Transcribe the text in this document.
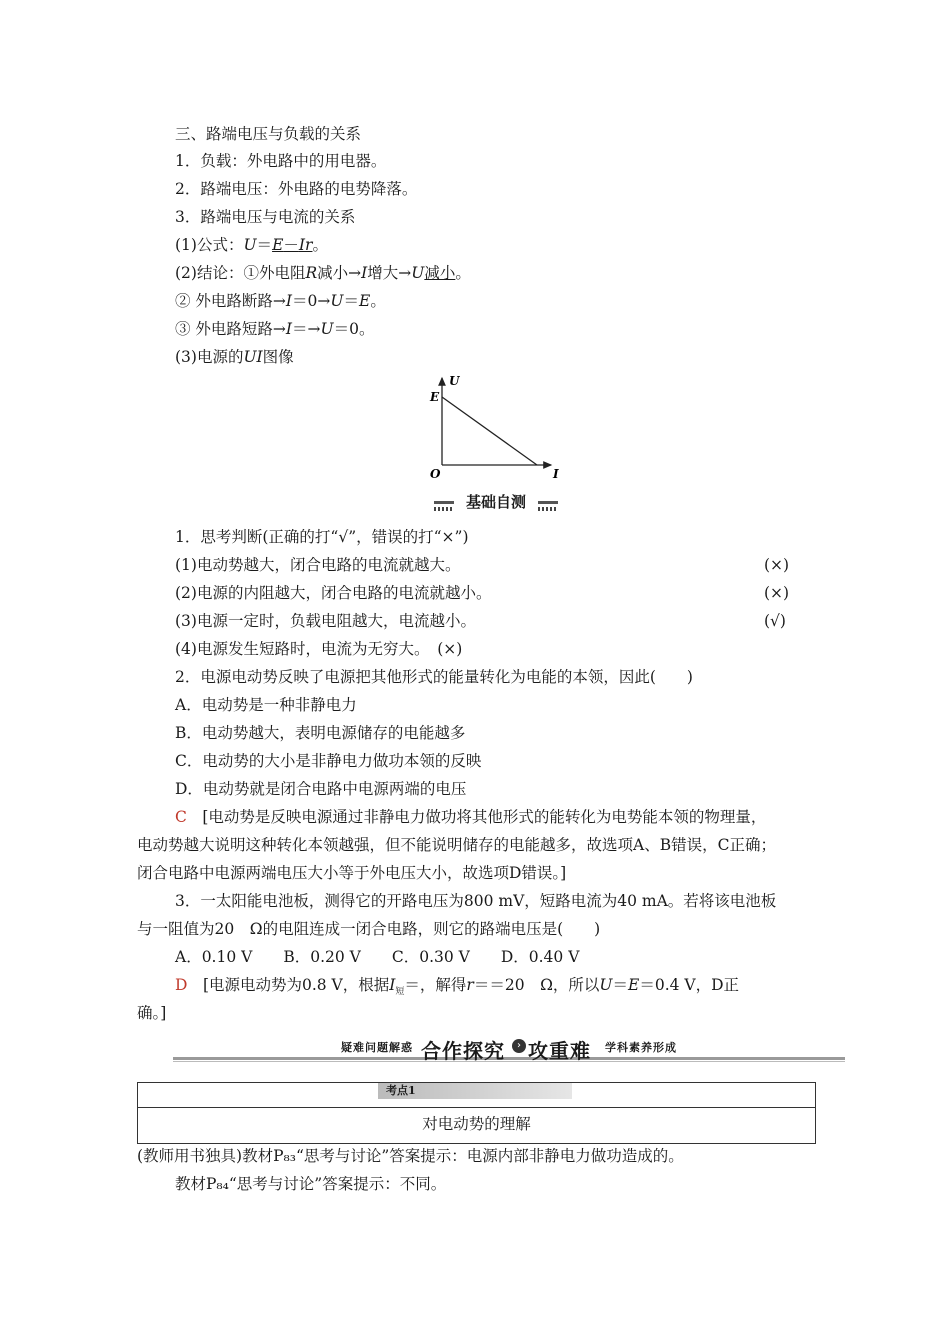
三、路端电压与负载的关系
1．负载：外电路中的用电器。
2．路端电压：外电路的电势降落。
3．路端电压与电流的关系
(1)公式：U＝E－Ir。
(2)结论：①外电阻R减小→I增大→U减小。
② 外电路断路→I＝0→U＝E。
③ 外电路短路→I＝→U＝0。
(3)电源的UI图像
U
E
O	I
基础自测
1．思考判断(正确的打“√”，错误的打“×”)
(1)电动势越大，闭合电路的电流就越大。	(×)
(2)电源的内阻越大，闭合电路的电流就越小。	(×)
(3)电源一定时，负载电阻越大，电流越小。	(√)
(4)电源发生短路时，电流为无穷大。　(×)
2．电源电动势反映了电源把其他形式的能量转化为电能的本领，因此(　　)
A．电动势是一种非静电力
B．电动势越大，表明电源储存的电能越多
C．电动势的大小是非静电力做功本领的反映
D．电动势就是闭合电路中电源两端的电压
C　[电动势是反映电源通过非静电力做功将其他形式的能转化为电势能本领的物理量，
电动势越大说明这种转化本领越强，但不能说明储存的电能越多，故选项A、B错误，C正确；
闭合电路中电源两端电压大小等于外电压大小，故选项D错误。]
3．一太阳能电池板，测得它的开路电压为800 mV，短路电流为40 mA。若将该电池板
与一阻值为20　Ω的电阻连成一闭合电路，则它的路端电压是(　　)
A．0.10 V　　B．0.20 V　　C．0.30 V　　D．0.40 V
D　[电源电动势为0.8 V，根据$I_短=$，解得r＝＝20　Ω，所以U＝E＝0.4 V，D正
确。]
疑难问题解惑 合作探究	› 攻重难 学科素养形成
考点1
对电动势的理解
(教师用书独具)教材P₈₃“思考与讨论”答案提示：电源内部非静电力做功造成的。
教材P₈₄“思考与讨论”答案提示：不同。
